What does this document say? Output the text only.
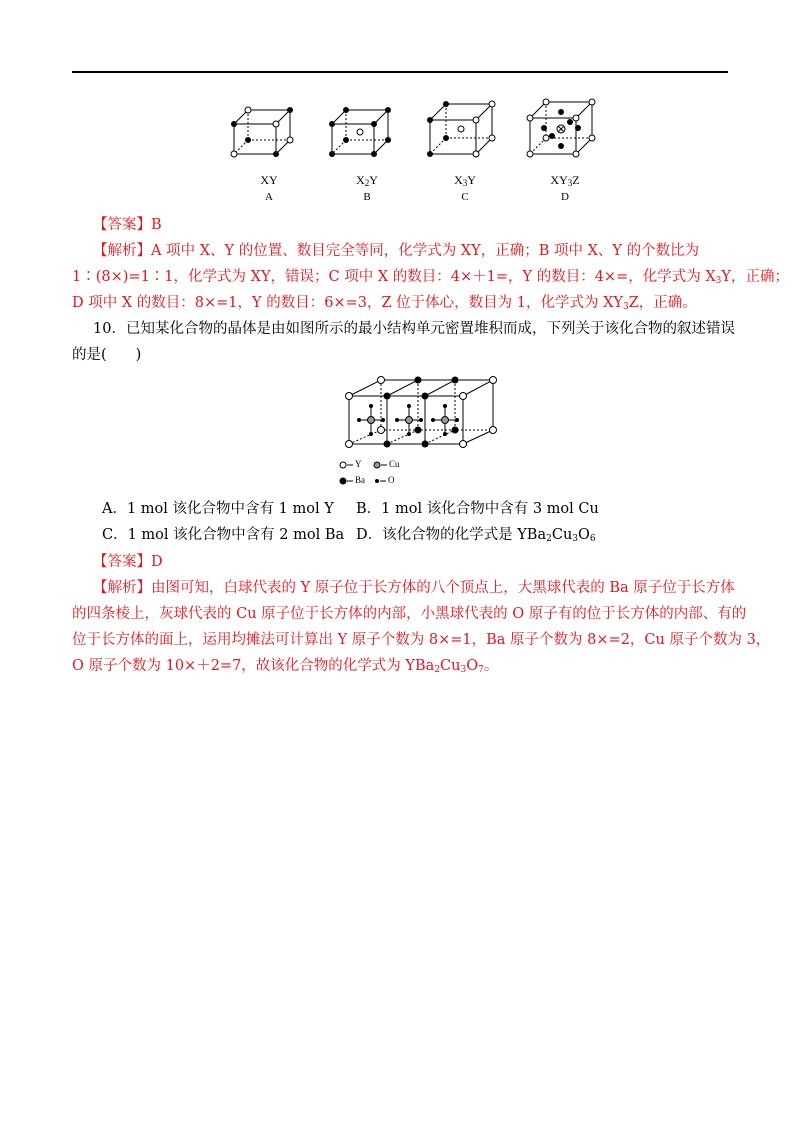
XY
A
$X_2Y$
B
$X_3Y$
C
$XY_3Z$
D
【答案】B
【解析】A 项中 X、Y 的位置、数目完全等同，化学式为 XY，正确；B 项中 X、Y 的个数比为
1∶(8×)=1∶1，化学式为 XY，错误；C 项中 X 的数目：4×＋1=，Y 的数目：4×=，化学式为 $X_3Y$，正确；
D 项中 X 的数目：8×=1，Y 的数目：6×=3，Z 位于体心，数目为 1，化学式为 $XY_3Z$，正确。
10．已知某化合物的晶体是由如图所示的最小结构单元密置堆积而成，下列关于该化合物的叙述错误
的是(　　)
Y	Cu
Ba	O
A．1 mol 该化合物中含有 1 mol Y B．1 mol 该化合物中含有 3 mol Cu
C．1 mol 该化合物中含有 2 mol Ba D．该化合物的化学式是 $YBa_2Cu_3O_6$
【答案】D
【解析】由图可知，白球代表的 Y 原子位于长方体的八个顶点上，大黑球代表的 Ba 原子位于长方体
的四条棱上，灰球代表的 Cu 原子位于长方体的内部，小黑球代表的 O 原子有的位于长方体的内部、有的
位于长方体的面上，运用均摊法可计算出 Y 原子个数为 8×=1，Ba 原子个数为 8×=2，Cu 原子个数为 3，
O 原子个数为 10×＋2=7，故该化合物的化学式为 $YBa_2Cu_3O_7$。
